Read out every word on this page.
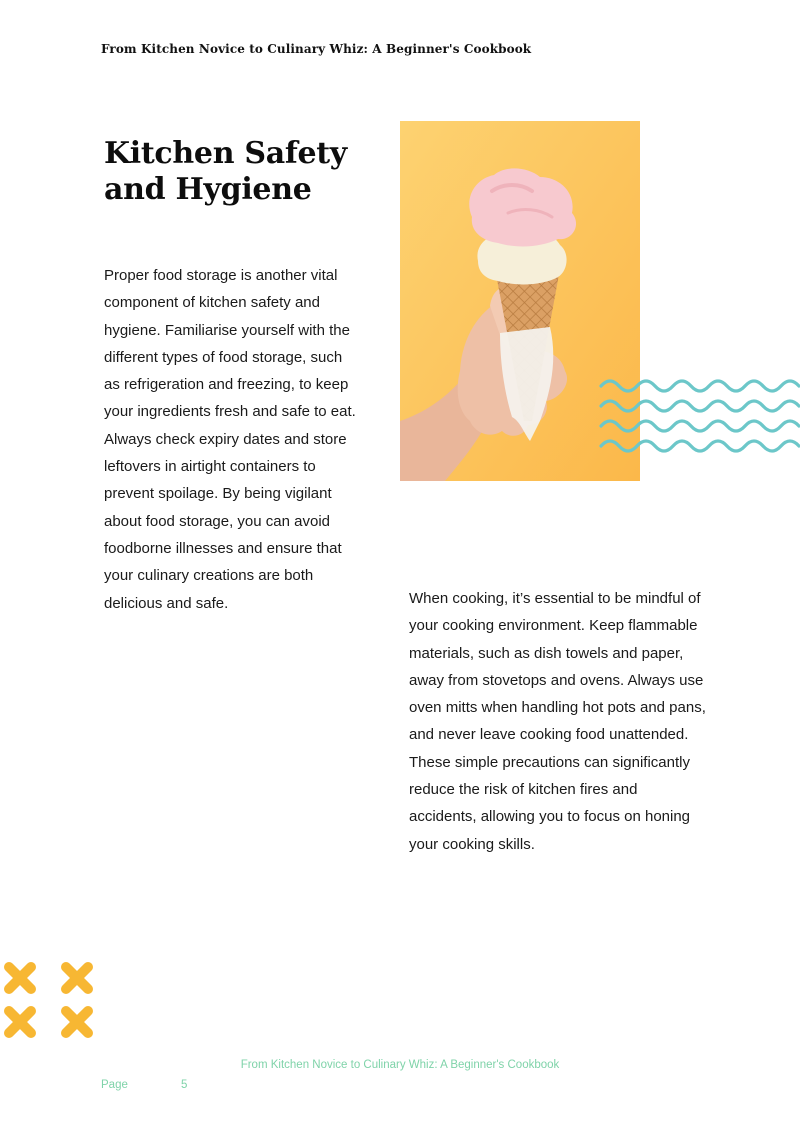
From Kitchen Novice to Culinary Whiz: A Beginner's Cookbook
Kitchen Safety and Hygiene

Proper food storage is another vital component of kitchen safety and hygiene. Familiarise yourself with the different types of food storage, such as refrigeration and freezing, to keep your ingredients fresh and safe to eat. Always check expiry dates and store leftovers in airtight containers to prevent spoilage. By being vigilant about food storage, you can avoid foodborne illnesses and ensure that your culinary creations are both delicious and safe.	When cooking, it’s essential to be mindful of your cooking environment. Keep flammable materials, such as dish towels and paper, away from stovetops and ovens. Always use oven mitts when handling hot pots and pans, and never leave cooking food unattended. These simple precautions can significantly reduce the risk of kitchen fires and accidents, allowing you to focus on honing your cooking skills.

From Kitchen Novice to Culinary Whiz: A Beginner's Cookbook
Page	5
